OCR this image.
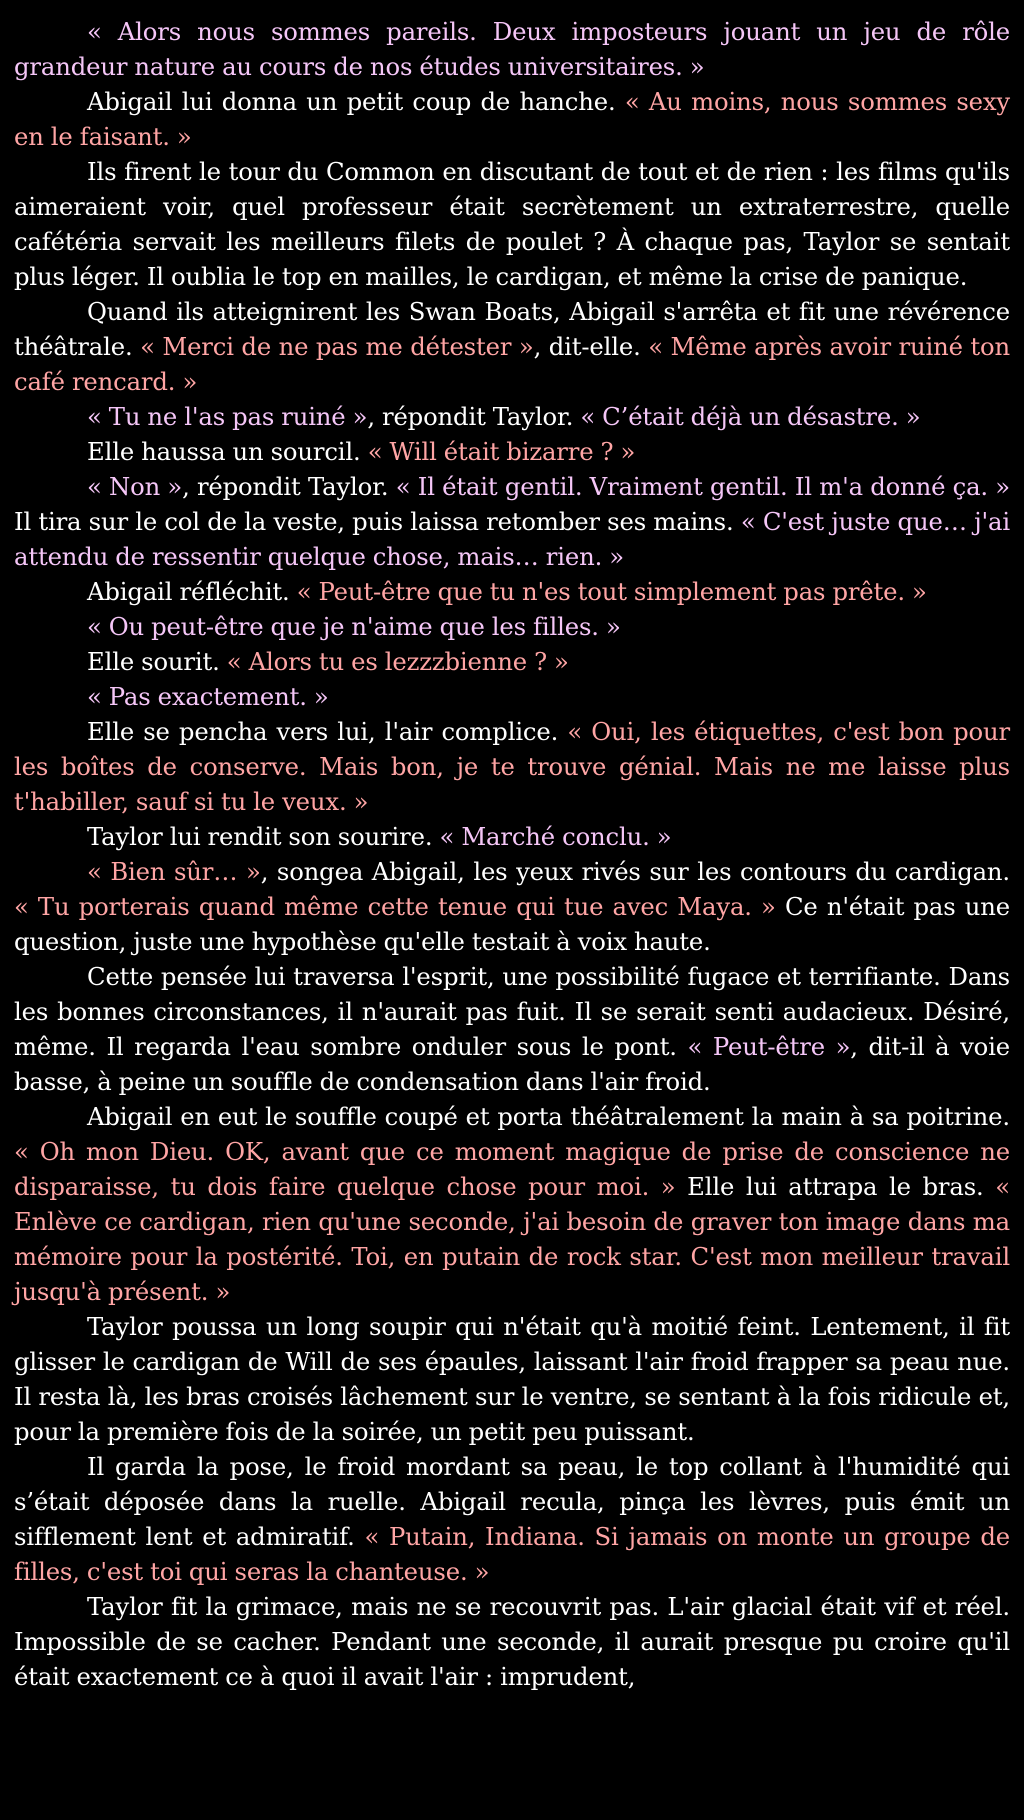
« Alors nous sommes pareils. Deux imposteurs jouant un jeu de rôle grandeur nature au cours de nos études universitaires. »

Abigail lui donna un petit coup de hanche. « Au moins, nous sommes sexy en le faisant. »

Ils firent le tour du Common en discutant de tout et de rien : les films qu'ils aimeraient voir, quel professeur était secrètement un extraterrestre, quelle cafétéria servait les meilleurs filets de poulet ? À chaque pas, Taylor se sentait plus léger. Il oublia le top en mailles, le cardigan, et même la crise de panique.

Quand ils atteignirent les Swan Boats, Abigail s'arrêta et fit une révérence théâtrale. « Merci de ne pas me détester », dit-elle. « Même après avoir ruiné ton café rencard. »

« Tu ne l'as pas ruiné », répondit Taylor. « C’était déjà un désastre. »

Elle haussa un sourcil. « Will était bizarre ? »

« Non », répondit Taylor. « Il était gentil. Vraiment gentil. Il m'a donné ça. » Il tira sur le col de la veste, puis laissa retomber ses mains. « C'est juste que… j'ai attendu de ressentir quelque chose, mais… rien. »

Abigail réfléchit. « Peut-être que tu n'es tout simplement pas prête. »

« Ou peut-être que je n'aime que les filles. »

Elle sourit. « Alors tu es lezzzbienne ? »

« Pas exactement. »

Elle se pencha vers lui, l'air complice. « Oui, les étiquettes, c'est bon pour les boîtes de conserve. Mais bon, je te trouve génial. Mais ne me laisse plus t'habiller, sauf si tu le veux. »

Taylor lui rendit son sourire. « Marché conclu. »

« Bien sûr… », songea Abigail, les yeux rivés sur les contours du cardigan. « Tu porterais quand même cette tenue qui tue avec Maya. » Ce n'était pas une question, juste une hypothèse qu'elle testait à voix haute.

Cette pensée lui traversa l'esprit, une possibilité fugace et terrifiante. Dans les bonnes circonstances, il n'aurait pas fuit. Il se serait senti audacieux. Désiré, même. Il regarda l'eau sombre onduler sous le pont. « Peut-être », dit-il à voie basse, à peine un souffle de condensation dans l'air froid.

Abigail en eut le souffle coupé et porta théâtralement la main à sa poitrine. « Oh mon Dieu. OK, avant que ce moment magique de prise de conscience ne disparaisse, tu dois faire quelque chose pour moi. » Elle lui attrapa le bras. « Enlève ce cardigan, rien qu'une seconde, j'ai besoin de graver ton image dans ma mémoire pour la postérité. Toi, en putain de rock star. C'est mon meilleur travail jusqu'à présent. »

Taylor poussa un long soupir qui n'était qu'à moitié feint. Lentement, il fit glisser le cardigan de Will de ses épaules, laissant l'air froid frapper sa peau nue. Il resta là, les bras croisés lâchement sur le ventre, se sentant à la fois ridicule et, pour la première fois de la soirée, un petit peu puissant.

Il garda la pose, le froid mordant sa peau, le top collant à l'humidité qui s’était déposée dans la ruelle. Abigail recula, pinça les lèvres, puis émit un sifflement lent et admiratif. « Putain, Indiana. Si jamais on monte un groupe de filles, c'est toi qui seras la chanteuse. »

Taylor fit la grimace, mais ne se recouvrit pas. L'air glacial était vif et réel. Impossible de se cacher. Pendant une seconde, il aurait presque pu croire qu'il était exactement ce à quoi il avait l'air : imprudent,
